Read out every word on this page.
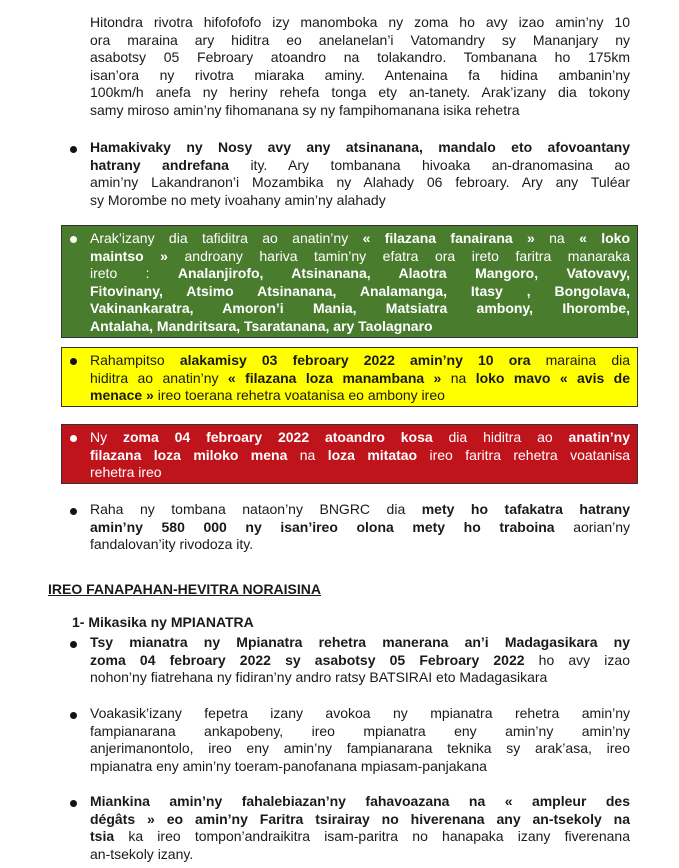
Hitondra rivotra hifofofofo izy manomboka ny zoma ho avy izao amin’ny 10
ora maraina ary hiditra eo anelanelan’i Vatomandry sy Mananjary ny
asabotsy 05 Febroary atoandro na tolakandro. Tombanana ho 175km
isan’ora ny rivotra miaraka aminy. Antenaina fa hidina ambanin’ny
100km/h anefa ny heriny rehefa tonga ety an-tanety. Arak’izany dia tokony
samy miroso amin’ny fihomanana sy ny fampihomanana isika rehetra
Hamakivaky ny Nosy avy any atsinanana, mandalo eto afovoantany
hatrany andrefana ity. Ary tombanana hivoaka an-dranomasina ao
amin’ny Lakandranon’i Mozambika ny Alahady 06 febroary. Ary any Tuléar
sy Morombe no mety ivoahany amin’ny alahady
Arak’izany dia tafiditra ao anatin’ny « filazana fanairana » na « loko
maintso » androany hariva tamin’ny efatra ora ireto faritra manaraka
ireto : Analanjirofo, Atsinanana, Alaotra Mangoro, Vatovavy,
Fitovinany, Atsimo Atsinanana, Analamanga, Itasy , Bongolava,
Vakinankaratra, Amoron’i Mania, Matsiatra ambony, Ihorombe,
Antalaha, Mandritsara, Tsaratanana, ary Taolagnaro
Rahampitso alakamisy 03 febroary 2022 amin’ny 10 ora maraina dia
hiditra ao anatin’ny « filazana loza manambana » na loko mavo « avis de
menace » ireo toerana rehetra voatanisa eo ambony ireo
Ny zoma 04 febroary 2022 atoandro kosa dia hiditra ao anatin’ny
filazana loza miloko mena na loza mitatao ireo faritra rehetra voatanisa
rehetra ireo
Raha ny tombana nataon’ny BNGRC dia mety ho tafakatra hatrany
amin’ny 580 000 ny isan’ireo olona mety ho traboina aorian’ny
fandalovan’ity rivodoza ity.
IREO FANAPAHAN-HEVITRA NORAISINA
1- Mikasika ny MPIANATRA
Tsy mianatra ny Mpianatra rehetra manerana an’i Madagasikara ny
zoma 04 febroary 2022 sy asabotsy 05 Febroary 2022 ho avy izao
nohon’ny fiatrehana ny fidiran’ny andro ratsy BATSIRAI eto Madagasikara
Voakasik’izany fepetra izany avokoa ny mpianatra rehetra amin’ny
fampianarana ankapobeny, ireo mpianatra eny amin’ny amin’ny
anjerimanontolo, ireo eny amin’ny fampianarana teknika sy arak’asa, ireo
mpianatra eny amin’ny toeram-panofanana mpiasam-panjakana
Miankina amin’ny fahalebiazan’ny fahavoazana na « ampleur des
dégâts » eo amin’ny Faritra tsirairay no hiverenana any an-tsekoly na
tsia ka ireo tompon’andraikitra isam-paritra no hanapaka izany fiverenana
an-tsekoly izany.
